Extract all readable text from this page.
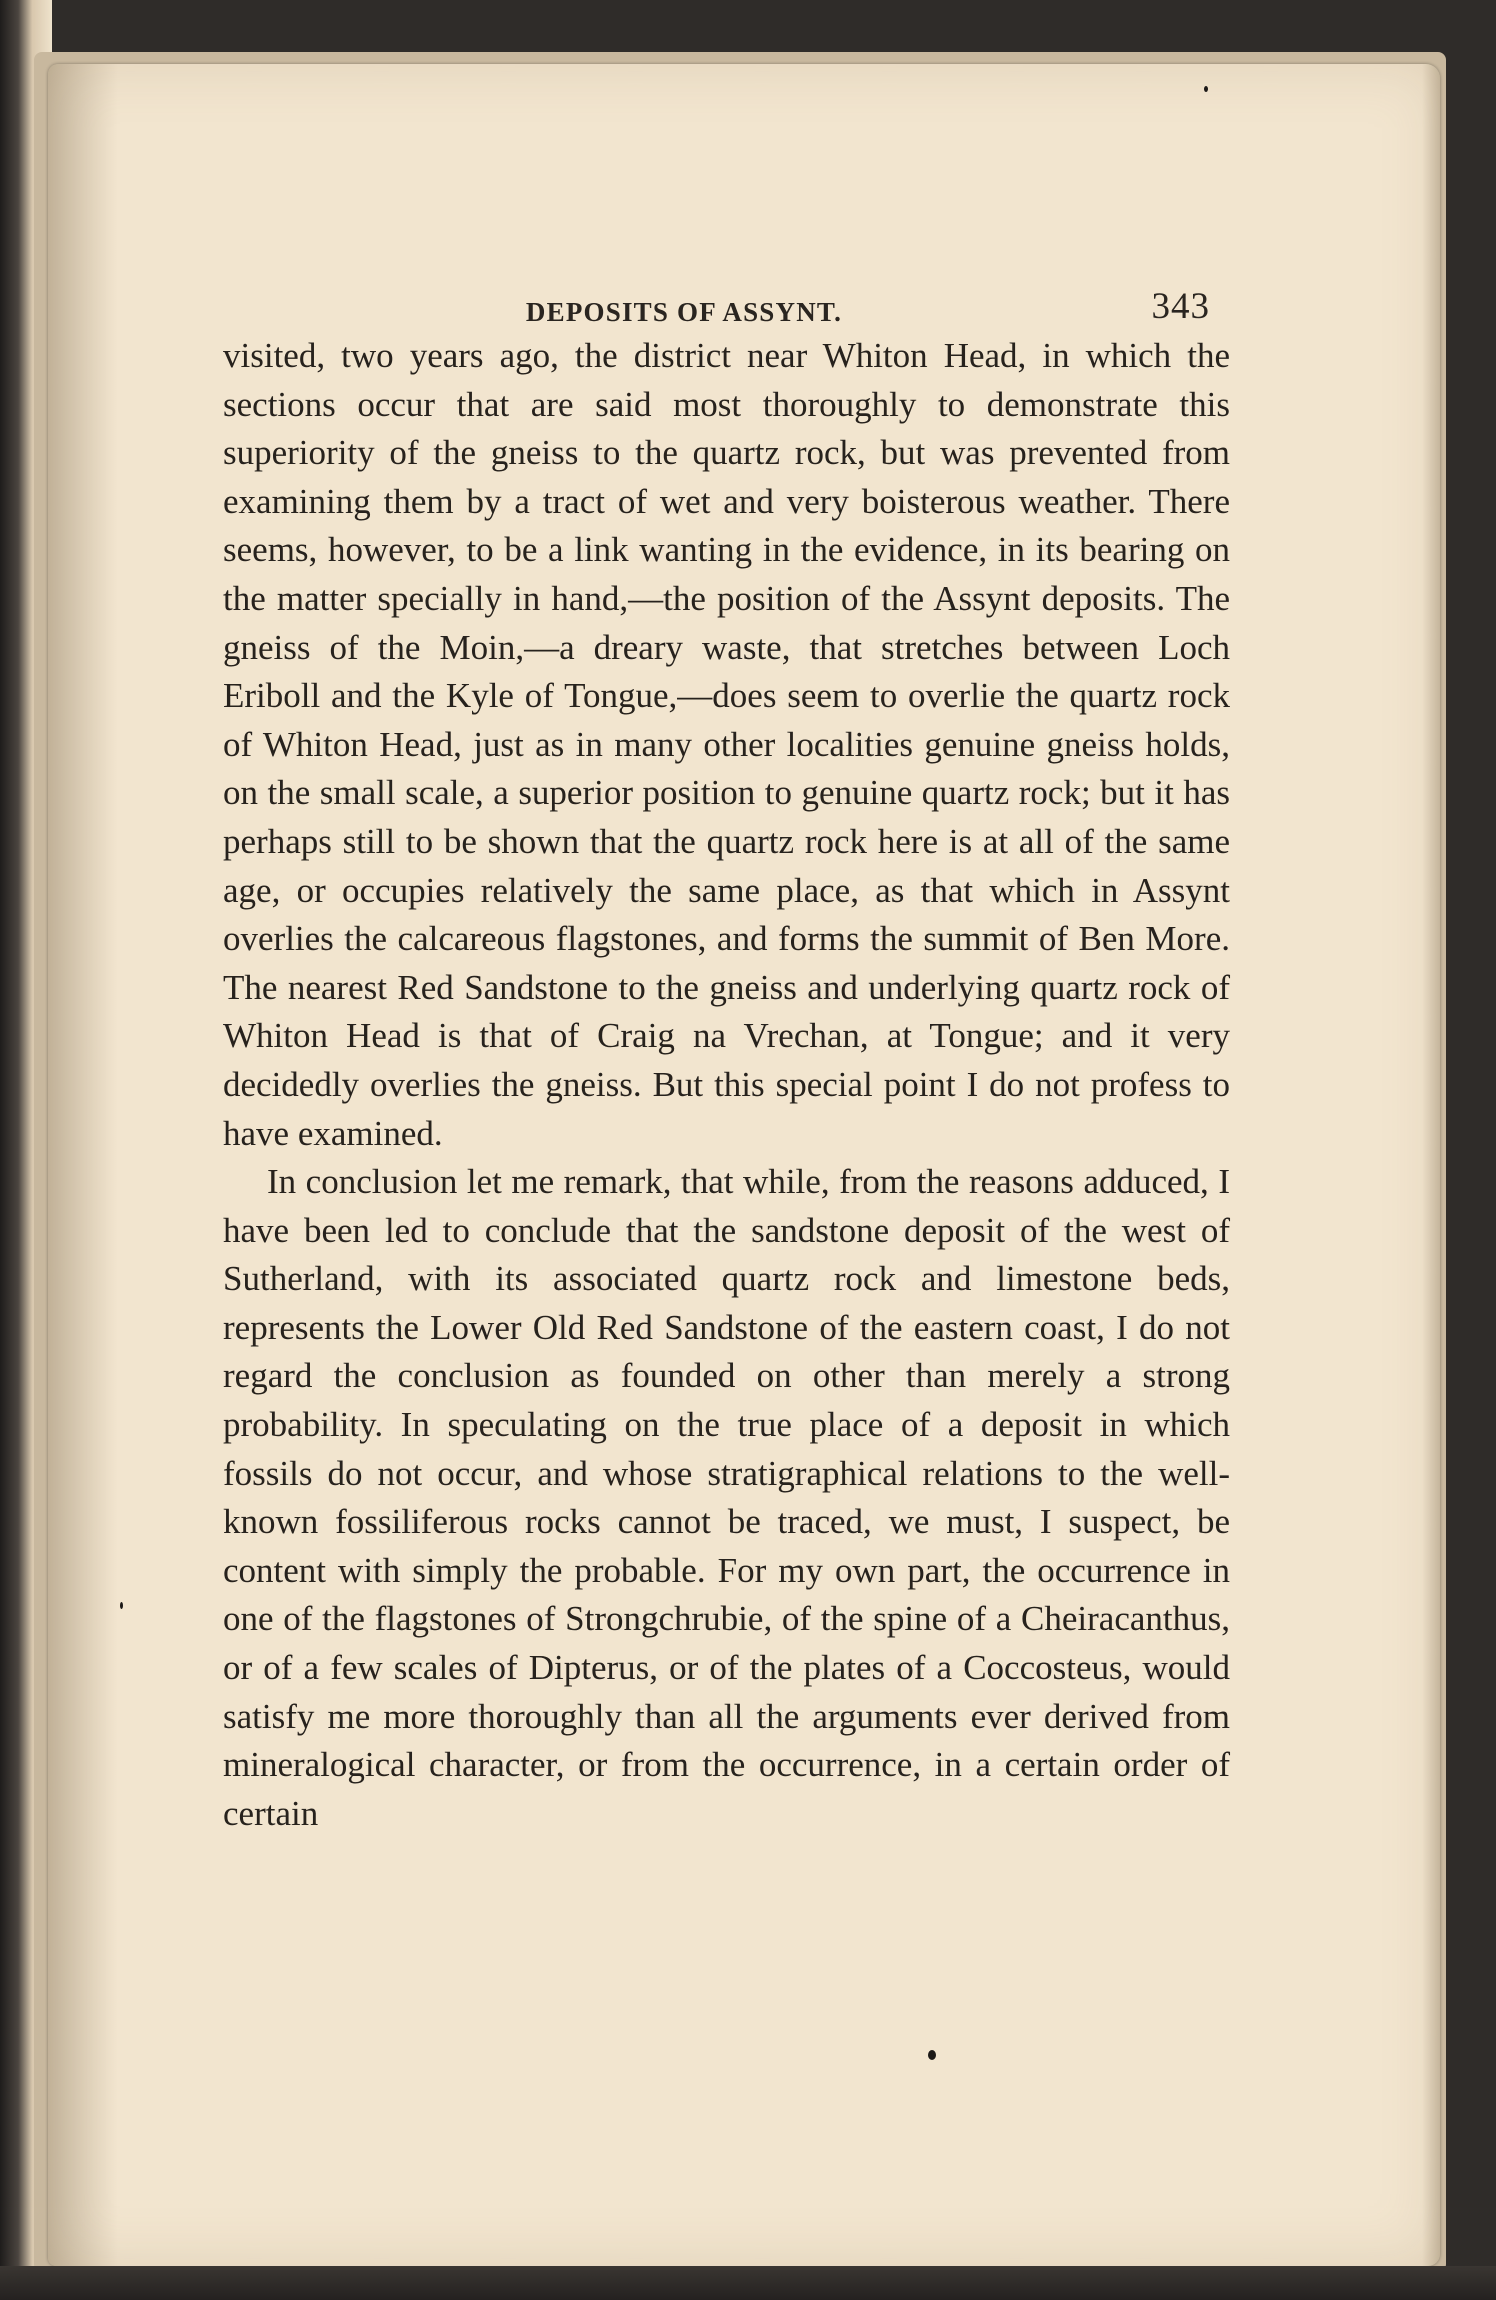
DEPOSITS OF ASSYNT.	343

visited, two years ago, the district near Whiton Head, in which the sections occur that are said most thoroughly to demonstrate this superiority of the gneiss to the quartz rock, but was prevented from examining them by a tract of wet and very boisterous weather. There seems, however, to be a link wanting in the evidence, in its bearing on the matter specially in hand,—the position of the Assynt deposits. The gneiss of the Moin,—a dreary waste, that stretches between Loch Eriboll and the Kyle of Tongue,—does seem to overlie the quartz rock of Whiton Head, just as in many other localities genuine gneiss holds, on the small scale, a superior position to genuine quartz rock; but it has perhaps still to be shown that the quartz rock here is at all of the same age, or occupies relatively the same place, as that which in Assynt overlies the calcareous flagstones, and forms the summit of Ben More. The nearest Red Sandstone to the gneiss and underlying quartz rock of Whiton Head is that of Craig na Vrechan, at Tongue; and it very decidedly overlies the gneiss. But this special point I do not profess to have examined.

In conclusion let me remark, that while, from the reasons adduced, I have been led to conclude that the sandstone deposit of the west of Sutherland, with its associated quartz rock and limestone beds, represents the Lower Old Red Sandstone of the eastern coast, I do not regard the conclusion as founded on other than merely a strong probability. In speculating on the true place of a deposit in which fossils do not occur, and whose stratigraphical relations to the well-known fossiliferous rocks cannot be traced, we must, I suspect, be content with simply the probable. For my own part, the occurrence in one of the flagstones of Strongchrubie, of the spine of a Cheiracanthus, or of a few scales of Dipterus, or of the plates of a Coccosteus, would satisfy me more thoroughly than all the arguments ever derived from mineralogical character, or from the occurrence, in a certain order of certain
